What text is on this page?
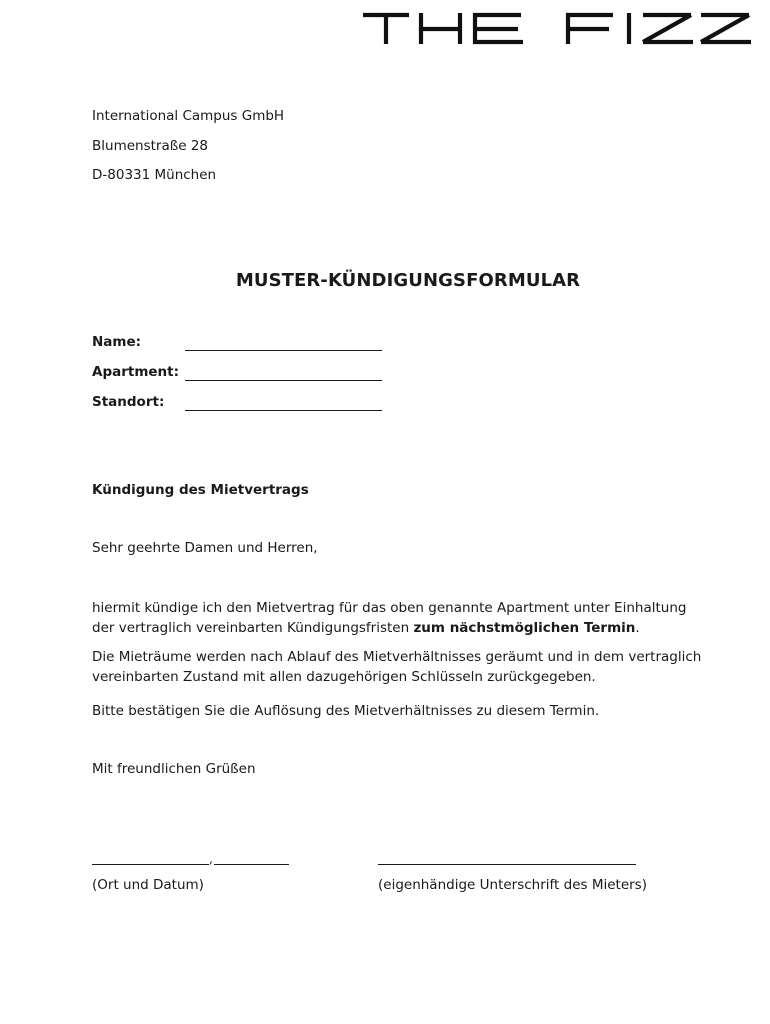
International Campus GmbH
Blumenstraße 28
D-80331 München
MUSTER-KÜNDIGUNGSFORMULAR
Name:
Apartment:
Standort:
Kündigung des Mietvertrags
Sehr geehrte Damen und Herren,
hiermit kündige ich den Mietvertrag für das oben genannte Apartment unter Einhaltung der vertraglich vereinbarten Kündigungsfristen zum nächstmöglichen Termin.
Die Mieträume werden nach Ablauf des Mietverhältnisses geräumt und in dem vertraglich vereinbarten Zustand mit allen dazugehörigen Schlüsseln zurückgegeben.
Bitte bestätigen Sie die Auflösung des Mietverhältnisses zu diesem Termin.
Mit freundlichen Grüßen
,
(Ort und Datum)	(eigenhändige Unterschrift des Mieters)
